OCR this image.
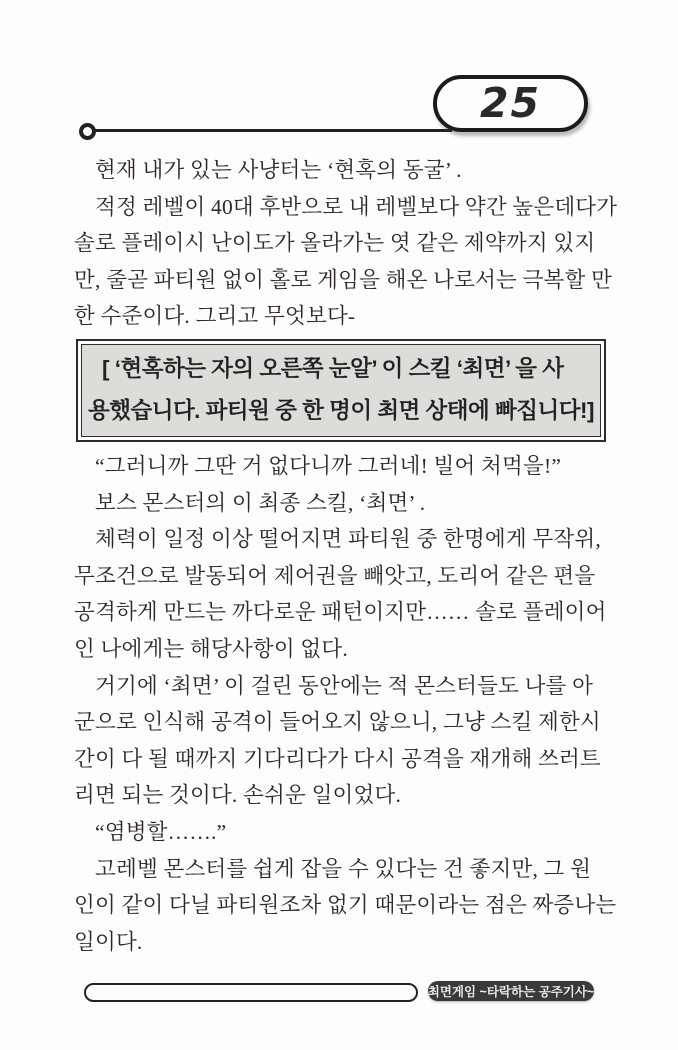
25
현재 내가 있는 사냥터는 ‘현혹의 동굴’ .
적정 레벨이 40대 후반으로 내 레벨보다 약간 높은데다가
솔로 플레이시 난이도가 올라가는 엿 같은 제약까지 있지
만, 줄곧 파티원 없이 홀로 게임을 해온 나로서는 극복할 만
한 수준이다. 그리고 무엇보다-
[ ‘현혹하는 자의 오른쪽 눈알’ 이 스킬 ‘최면’ 을 사
용했습니다. 파티원 중 한 명이 최면 상태에 빠집니다!]
“그러니까 그딴 거 없다니까 그러네! 빌어 처먹을!”
보스 몬스터의 이 최종 스킬, ‘최면’ .
체력이 일정 이상 떨어지면 파티원 중 한명에게 무작위,
무조건으로 발동되어 제어권을 빼앗고, 도리어 같은 편을
공격하게 만드는 까다로운 패턴이지만…… 솔로 플레이어
인 나에게는 해당사항이 없다.
거기에 ‘최면’ 이 걸린 동안에는 적 몬스터들도 나를 아
군으로 인식해 공격이 들어오지 않으니, 그냥 스킬 제한시
간이 다 될 때까지 기다리다가 다시 공격을 재개해 쓰러트
리면 되는 것이다. 손쉬운 일이었다.
“염병할…….”
고레벨 몬스터를 쉽게 잡을 수 있다는 건 좋지만, 그 원
인이 같이 다닐 파티원조차 없기 때문이라는 점은 짜증나는
일이다.
최면게임 ~타락하는 공주기사~
